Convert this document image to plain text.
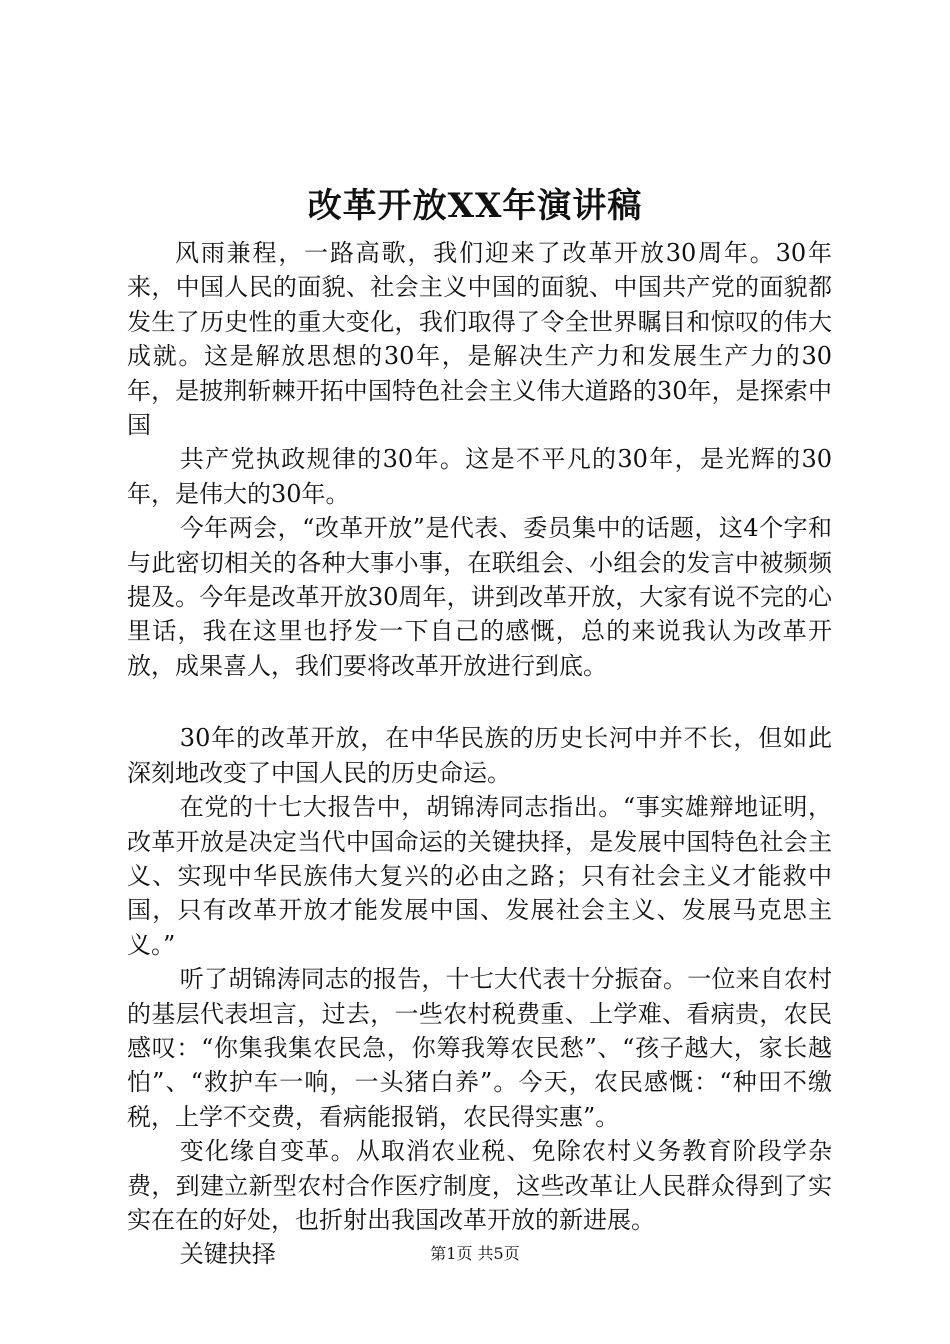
改革开放XX年演讲稿

风雨兼程，一路高歌，我们迎来了改革开放30周年。30年来，中国人民的面貌、社会主义中国的面貌、中国共产党的面貌都发生了历史性的重大变化，我们取得了令全世界瞩目和惊叹的伟大成就。这是解放思想的30年，是解决生产力和发展生产力的30年，是披荆斩棘开拓中国特色社会主义伟大道路的30年，是探索中国

共产党执政规律的30年。这是不平凡的30年，是光辉的30年，是伟大的30年。

今年两会，“改革开放”是代表、委员集中的话题，这4个字和与此密切相关的各种大事小事，在联组会、小组会的发言中被频频提及。今年是改革开放30周年，讲到改革开放，大家有说不完的心里话，我在这里也抒发一下自己的感慨，总的来说我认为改革开放，成果喜人，我们要将改革开放进行到底。

30年的改革开放，在中华民族的历史长河中并不长，但如此深刻地改变了中国人民的历史命运。

在党的十七大报告中，胡锦涛同志指出。“事实雄辩地证明，改革开放是决定当代中国命运的关键抉择，是发展中国特色社会主义、实现中华民族伟大复兴的必由之路；只有社会主义才能救中国，只有改革开放才能发展中国、发展社会主义、发展马克思主义。”

听了胡锦涛同志的报告，十七大代表十分振奋。一位来自农村的基层代表坦言，过去，一些农村税费重、上学难、看病贵，农民感叹：“你集我集农民急，你筹我筹农民愁”、“孩子越大，家长越怕”、“救护车一响，一头猪白养”。今天，农民感慨：“种田不缴税，上学不交费，看病能报销，农民得实惠”。

变化缘自变革。从取消农业税、免除农村义务教育阶段学杂费，到建立新型农村合作医疗制度，这些改革让人民群众得到了实实在在的好处，也折射出我国改革开放的新进展。

关键抉择	第1页 共5页
